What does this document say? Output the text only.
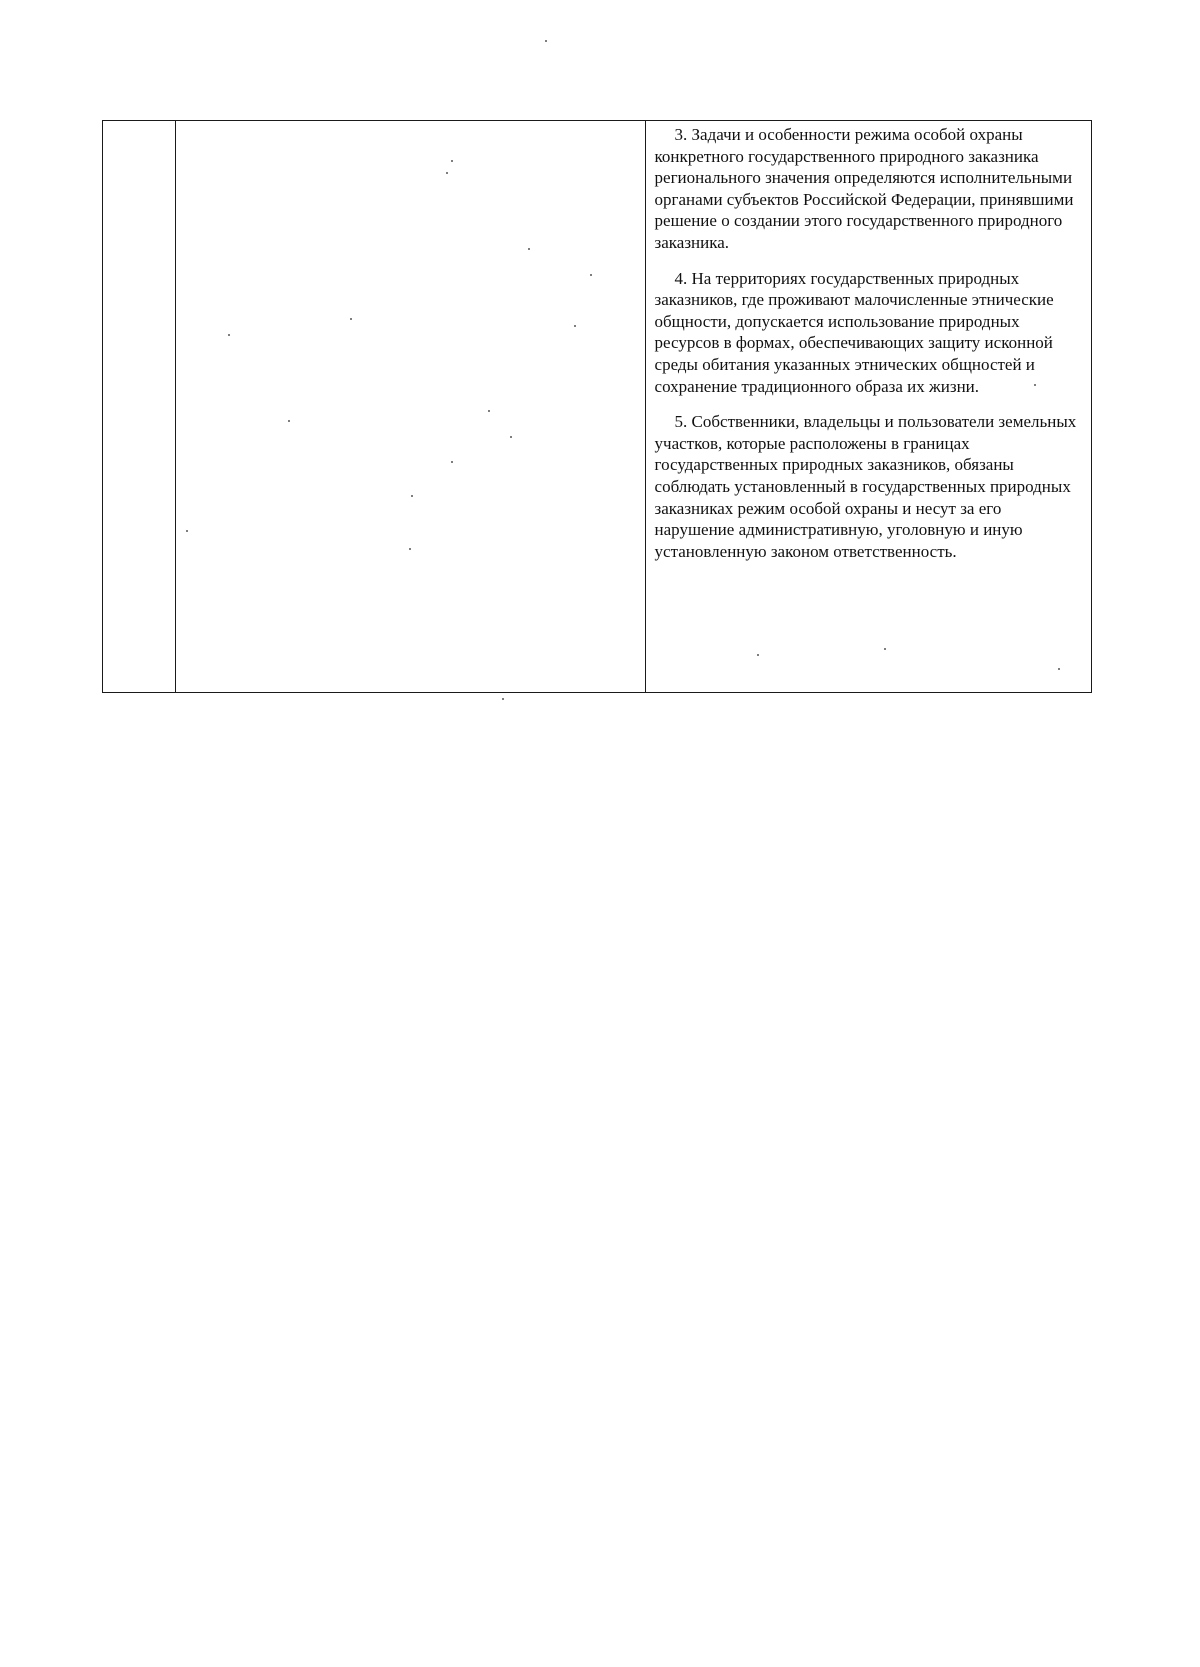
3. Задачи и особенности режима особой охраны конкретного государственного природного заказника регионального значения определяются исполнительными органами субъектов Российской Федерации, принявшими решение о создании этого государственного природного заказника.

4. На территориях государственных природных заказников, где проживают малочисленные этнические общности, допускается использование природных ресурсов в формах, обеспечивающих защиту исконной среды обитания указанных этнических общностей и сохранение традиционного образа их жизни.

5. Собственники, владельцы и пользователи земельных участков, которые расположены в границах государственных природных заказников, обязаны соблюдать установленный в государственных природных заказниках режим особой охраны и несут за его нарушение административную, уголовную и иную установленную законом ответственность.
